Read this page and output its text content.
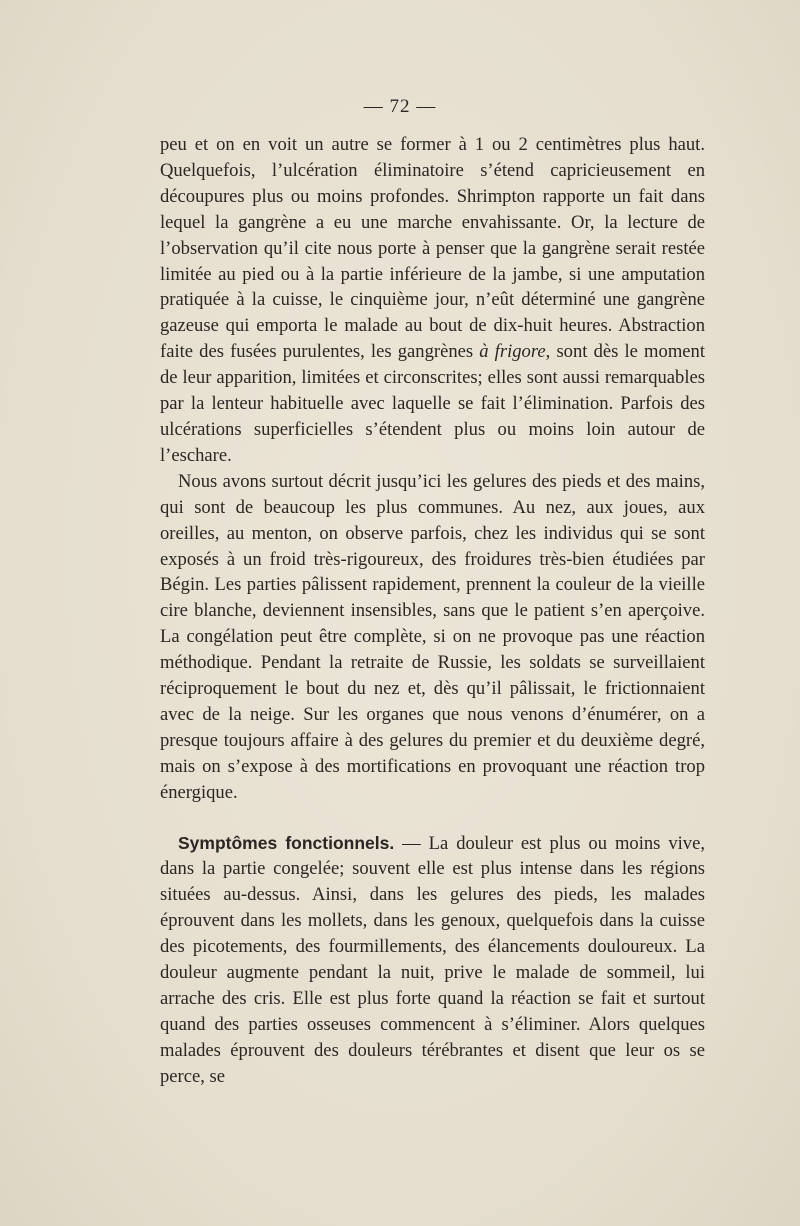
— 72 —

peu et on en voit un autre se former à 1 ou 2 centimètres plus haut. Quelquefois, l’ulcération éliminatoire s’étend capricieusement en découpures plus ou moins profondes. Shrimpton rapporte un fait dans lequel la gangrène a eu une marche envahissante. Or, la lecture de l’observation qu’il cite nous porte à penser que la gangrène serait restée limitée au pied ou à la partie inférieure de la jambe, si une amputation pratiquée à la cuisse, le cinquième jour, n’eût déterminé une gangrène gazeuse qui emporta le malade au bout de dix-huit heures. Abstraction faite des fusées purulentes, les gangrènes à frigore, sont dès le moment de leur apparition, limitées et circonscrites; elles sont aussi remarquables par la lenteur habituelle avec laquelle se fait l’élimination. Parfois des ulcérations superficielles s’étendent plus ou moins loin autour de l’eschare.

Nous avons surtout décrit jusqu’ici les gelures des pieds et des mains, qui sont de beaucoup les plus communes. Au nez, aux joues, aux oreilles, au menton, on observe parfois, chez les individus qui se sont exposés à un froid très-rigoureux, des froidures très-bien étudiées par Bégin. Les parties pâlissent rapidement, prennent la couleur de la vieille cire blanche, deviennent insensibles, sans que le patient s’en aperçoive. La congélation peut être complète, si on ne provoque pas une réaction méthodique. Pendant la retraite de Russie, les soldats se surveillaient réciproquement le bout du nez et, dès qu’il pâlissait, le frictionnaient avec de la neige. Sur les organes que nous venons d’énumérer, on a presque toujours affaire à des gelures du premier et du deuxième degré, mais on s’expose à des mortifications en provoquant une réaction trop énergique.

Symptômes fonctionnels. — La douleur est plus ou moins vive, dans la partie congelée; souvent elle est plus intense dans les régions situées au-dessus. Ainsi, dans les gelures des pieds, les malades éprouvent dans les mollets, dans les genoux, quelquefois dans la cuisse des picotements, des fourmillements, des élancements douloureux. La douleur augmente pendant la nuit, prive le malade de sommeil, lui arrache des cris. Elle est plus forte quand la réaction se fait et surtout quand des parties osseuses commencent à s’éliminer. Alors quelques malades éprouvent des douleurs térébrantes et disent que leur os se perce, se
